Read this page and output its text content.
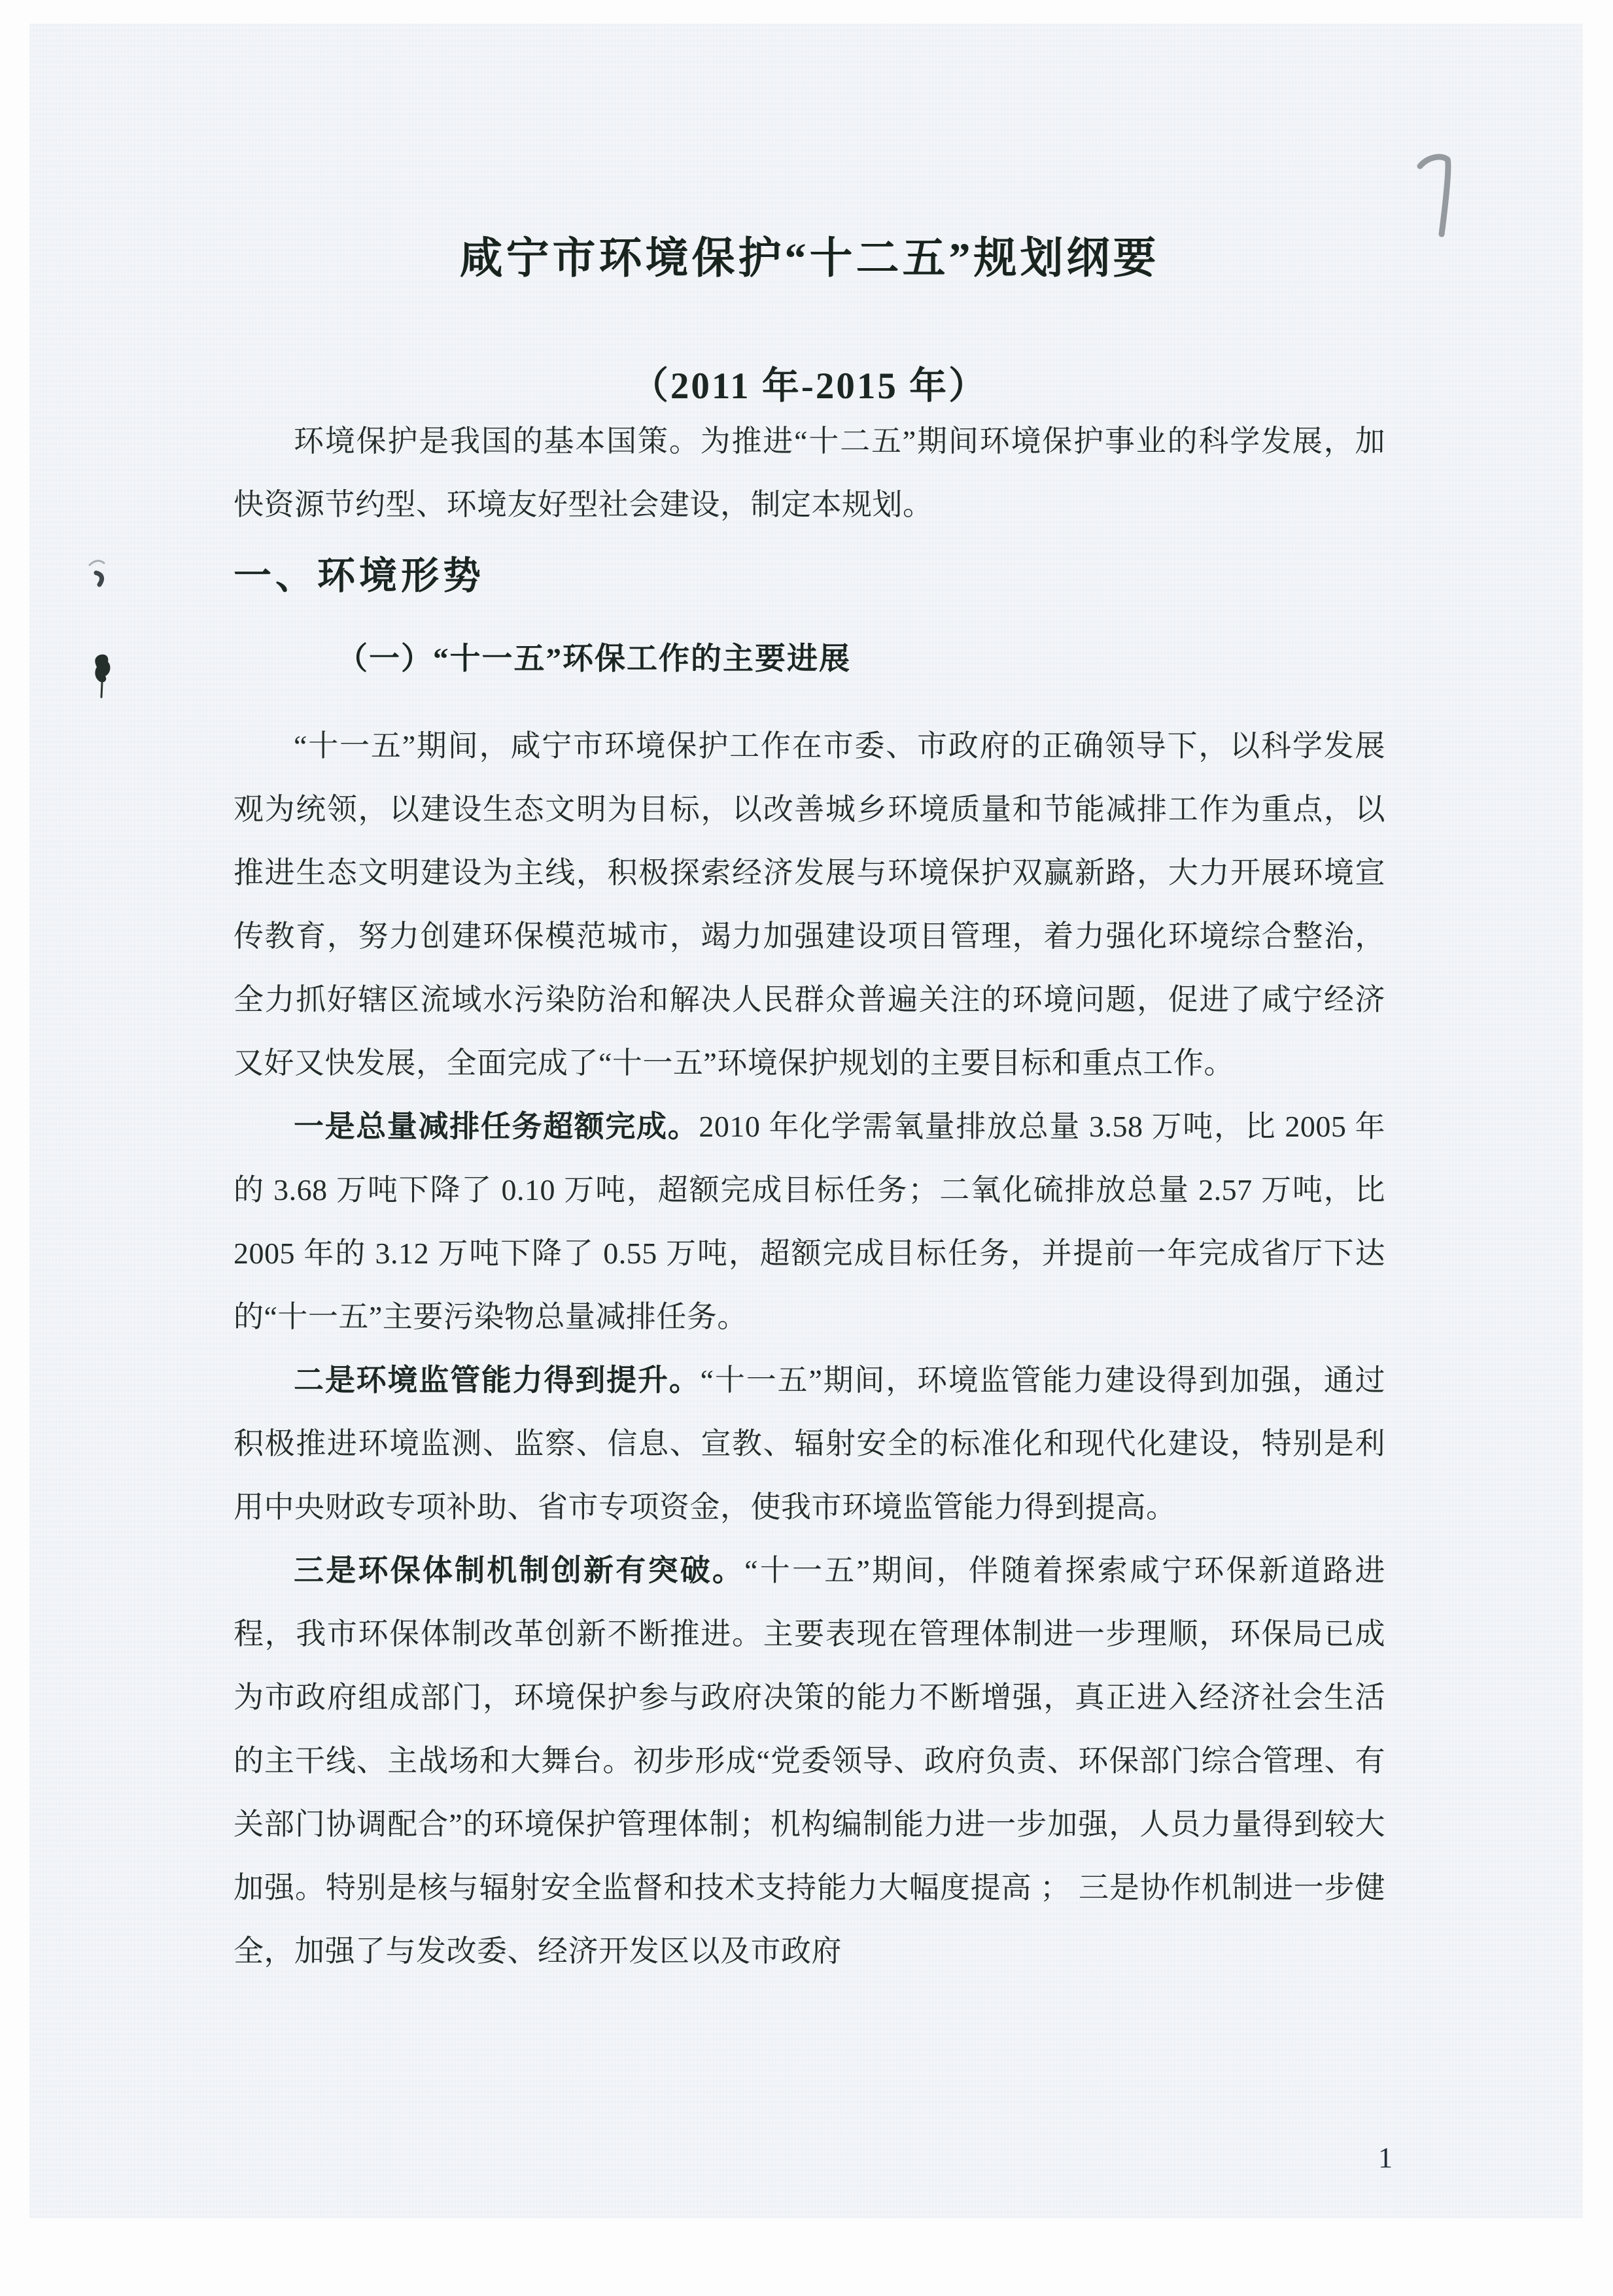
咸宁市环境保护“十二五”规划纲要
（2011 年-2015 年）

环境保护是我国的基本国策。为推进“十二五”期间环境保护事业的科学发展，加快资源节约型、环境友好型社会建设，制定本规划。

一、环境形势
（一）“十一五”环保工作的主要进展

“十一五”期间，咸宁市环境保护工作在市委、市政府的正确领导下，以科学发展观为统领，以建设生态文明为目标，以改善城乡环境质量和节能减排工作为重点，以推进生态文明建设为主线，积极探索经济发展与环境保护双赢新路，大力开展环境宣传教育，努力创建环保模范城市，竭力加强建设项目管理，着力强化环境综合整治，全力抓好辖区流域水污染防治和解决人民群众普遍关注的环境问题，促进了咸宁经济又好又快发展，全面完成了“十一五”环境保护规划的主要目标和重点工作。

一是总量减排任务超额完成。2010 年化学需氧量排放总量 3.58 万吨，比 2005 年的 3.68 万吨下降了 0.10 万吨，超额完成目标任务；二氧化硫排放总量 2.57 万吨，比 2005 年的 3.12 万吨下降了 0.55 万吨，超额完成目标任务，并提前一年完成省厅下达的“十一五”主要污染物总量减排任务。

二是环境监管能力得到提升。“十一五”期间，环境监管能力建设得到加强，通过积极推进环境监测、监察、信息、宣教、辐射安全的标准化和现代化建设，特别是利用中央财政专项补助、省市专项资金，使我市环境监管能力得到提高。

三是环保体制机制创新有突破。“十一五”期间，伴随着探索咸宁环保新道路进程，我市环保体制改革创新不断推进。主要表现在管理体制进一步理顺，环保局已成为市政府组成部门，环境保护参与政府决策的能力不断增强，真正进入经济社会生活的主干线、主战场和大舞台。初步形成“党委领导、政府负责、环保部门综合管理、有关部门协调配合”的环境保护管理体制；机构编制能力进一步加强，人员力量得到较大加强。特别是核与辐射安全监督和技术支持能力大幅度提高 ； 三是协作机制进一步健全，加强了与发改委、经济开发区以及市政府

1
